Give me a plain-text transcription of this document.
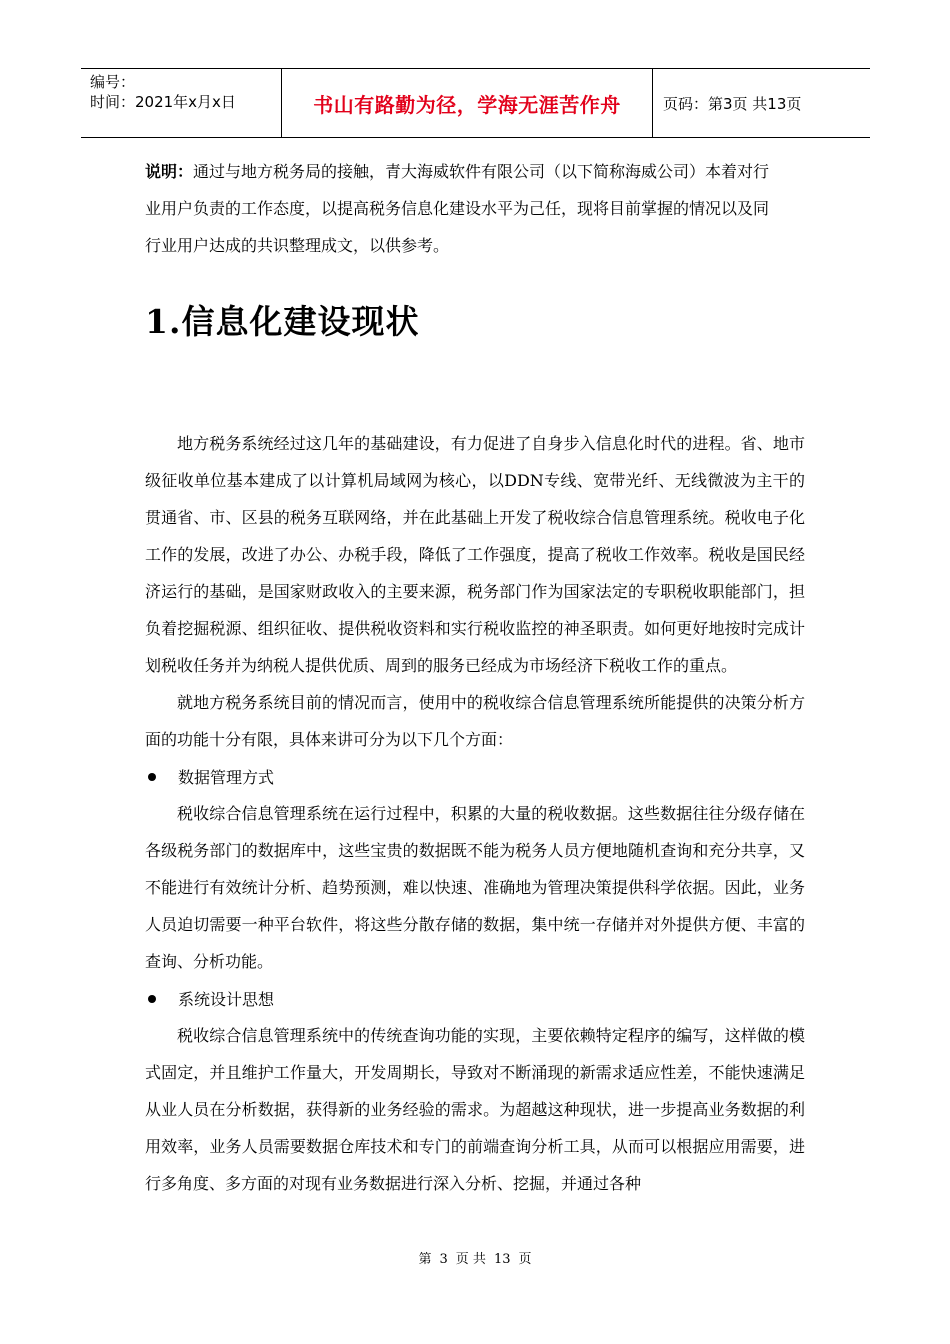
编号：
时间：2021年x月x日	书山有路勤为径，学海无涯苦作舟	页码：第3页 共13页
说明：通过与地方税务局的接触，青大海威软件有限公司（以下简称海威公司）本着对行
业用户负责的工作态度，以提高税务信息化建设水平为己任，现将目前掌握的情况以及同
行业用户达成的共识整理成文，以供参考。
1.信息化建设现状
地方税务系统经过这几年的基础建设，有力促进了自身步入信息化时代的进程。省、地市级征收单位基本建成了以计算机局域网为核心，以DDN专线、宽带光纤、无线微波为主干的贯通省、市、区县的税务互联网络，并在此基础上开发了税收综合信息管理系统。税收电子化工作的发展，改进了办公、办税手段，降低了工作强度，提高了税收工作效率。税收是国民经济运行的基础，是国家财政收入的主要来源，税务部门作为国家法定的专职税收职能部门，担负着挖掘税源、组织征收、提供税收资料和实行税收监控的神圣职责。如何更好地按时完成计划税收任务并为纳税人提供优质、周到的服务已经成为市场经济下税收工作的重点。
就地方税务系统目前的情况而言，使用中的税收综合信息管理系统所能提供的决策分析方面的功能十分有限，具体来讲可分为以下几个方面：
数据管理方式
税收综合信息管理系统在运行过程中，积累的大量的税收数据。这些数据往往分级存储在各级税务部门的数据库中，这些宝贵的数据既不能为税务人员方便地随机查询和充分共享，又不能进行有效统计分析、趋势预测，难以快速、准确地为管理决策提供科学依据。因此，业务人员迫切需要一种平台软件，将这些分散存储的数据，集中统一存储并对外提供方便、丰富的查询、分析功能。
系统设计思想
税收综合信息管理系统中的传统查询功能的实现，主要依赖特定程序的编写，这样做的模式固定，并且维护工作量大，开发周期长，导致对不断涌现的新需求适应性差，不能快速满足从业人员在分析数据，获得新的业务经验的需求。为超越这种现状，进一步提高业务数据的利用效率，业务人员需要数据仓库技术和专门的前端查询分析工具，从而可以根据应用需要，进行多角度、多方面的对现有业务数据进行深入分析、挖掘，并通过各种
第 3 页 共 13 页
